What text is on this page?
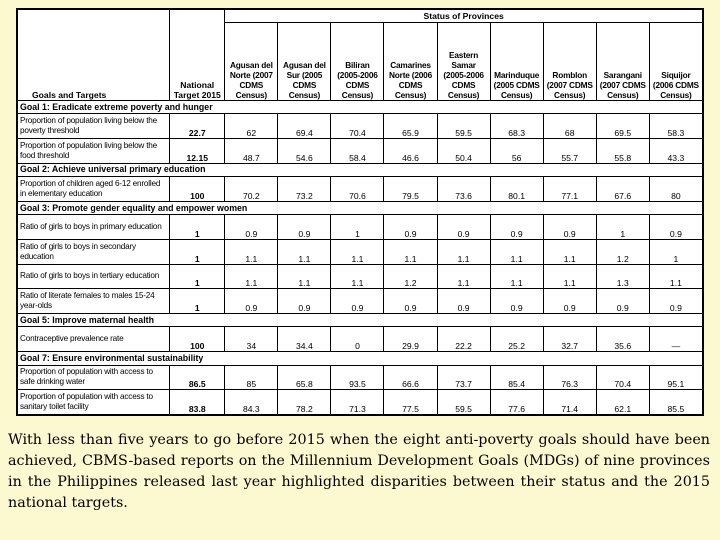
Goals and Targets	National Target 2015	Status of Provinces								
		Agusan del Norte (2007 CDMS Census)	Agusan del Sur (2005 CDMS Census)	Biliran (2005-2006 CDMS Census)	Camarines Norte (2006 CDMS Census)	Eastern Samar (2005-2006 CDMS Census)	Marinduque (2005 CDMS Census)	Romblon (2007 CDMS Census)	Sarangani (2007 CDMS Census)	Siquijor (2006 CDMS Census)
Goal 1: Eradicate extreme poverty and hunger										
Proportion of population living below the poverty threshold	22.7	62	69.4	70.4	65.9	59.5	68.3	68	69.5	58.3
Proportion of population living below the food threshold	12.15	48.7	54.6	58.4	46.6	50.4	56	55.7	55.8	43.3
Goal 2: Achieve universal primary education										
Proportion of children aged 6-12 enrolled in elementary education	100	70.2	73.2	70.6	79.5	73.6	80.1	77.1	67.6	80
Goal 3: Promote gender equality and empower women										
Ratio of girls to boys in primary education	1	0.9	0.9	1	0.9	0.9	0.9	0.9	1	0.9
Ratio of girls to boys in secondary education	1	1.1	1.1	1.1	1.1	1.1	1.1	1.1	1.2	1
Ratio of girls to boys in tertiary education	1	1.1	1.1	1.1	1.2	1.1	1.1	1.1	1.3	1.1
Ratio of literate females to males 15-24 year-olds	1	0.9	0.9	0.9	0.9	0.9	0.9	0.9	0.9	0.9
Goal 5: Improve maternal health										
Contraceptive prevalence rate	100	34	34.4	0	29.9	22.2	25.2	32.7	35.6	—
Goal 7: Ensure environmental sustainability										
Proportion of population with access to safe drinking water	86.5	85	65.8	93.5	66.6	73.7	85.4	76.3	70.4	95.1
Proportion of population with access to sanitary toilet facility	83.8	84.3	78.2	71.3	77.5	59.5	77.6	71.4	62.1	85.5

With less than five years to go before 2015 when the eight anti-poverty goals should have been achieved, CBMS-based reports on the Millennium Development Goals (MDGs) of nine provinces in the Philippines released last year highlighted disparities between their status and the 2015 national targets.
